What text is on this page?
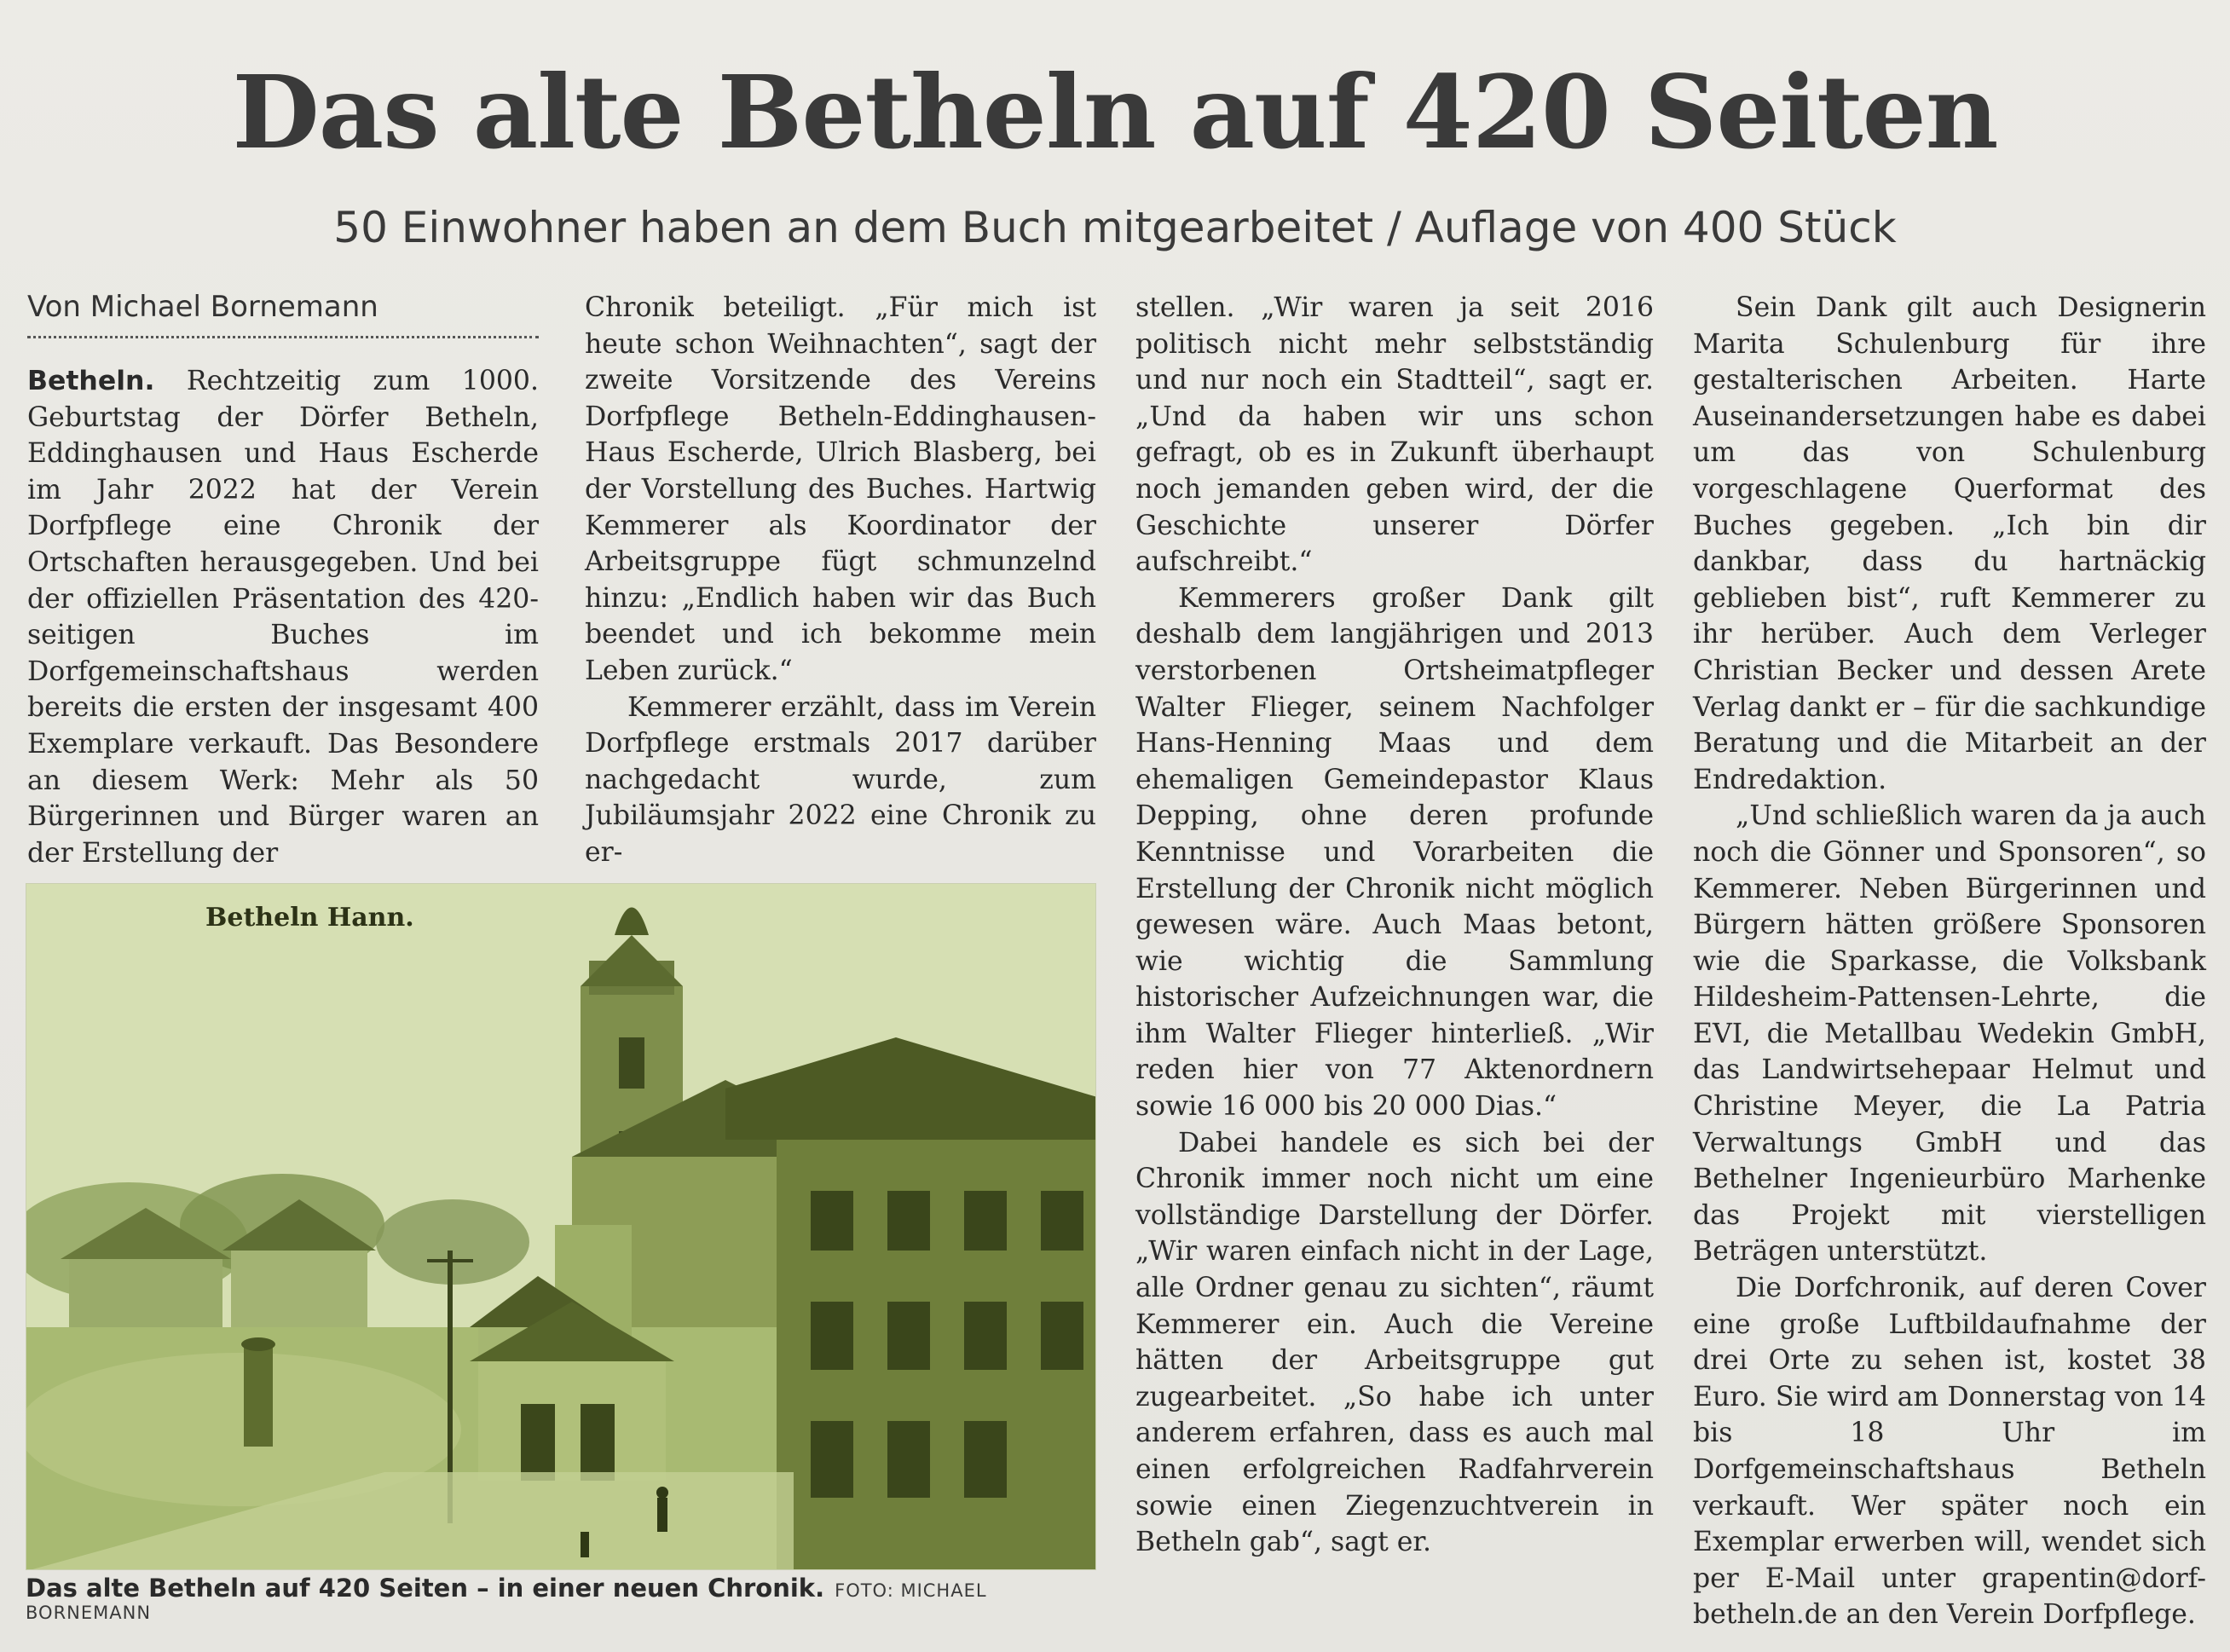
Das alte Betheln auf 420 Seiten
50 Einwohner haben an dem Buch mitgearbeitet / Auflage von 400 Stück
Von Michael Bornemann

Betheln. Rechtzeitig zum 1000. Geburtstag der Dörfer Betheln, Eddinghausen und Haus Escherde im Jahr 2022 hat der Verein Dorfpflege eine Chronik der Ortschaften herausgegeben. Und bei der offiziellen Präsentation des 420-seitigen Buches im Dorfgemeinschaftshaus werden bereits die ersten der insgesamt 400 Exemplare verkauft. Das Besondere an diesem Werk: Mehr als 50 Bürgerinnen und Bürger waren an der Erstellung der

Chronik beteiligt. „Für mich ist heute schon Weihnachten“, sagt der zweite Vorsitzende des Vereins Dorfpflege Betheln-Eddinghausen-Haus Escherde, Ulrich Blasberg, bei der Vorstellung des Buches. Hartwig Kemmerer als Koordinator der Arbeitsgruppe fügt schmunzelnd hinzu: „Endlich haben wir das Buch beendet und ich bekomme mein Leben zurück.“

Kemmerer erzählt, dass im Verein Dorfpflege erstmals 2017 darüber nachgedacht wurde, zum Jubiläumsjahr 2022 eine Chronik zu er-

stellen. „Wir waren ja seit 2016 politisch nicht mehr selbstständig und nur noch ein Stadtteil“, sagt er. „Und da haben wir uns schon gefragt, ob es in Zukunft überhaupt noch jemanden geben wird, der die Geschichte unserer Dörfer aufschreibt.“

Kemmerers großer Dank gilt deshalb dem langjährigen und 2013 verstorbenen Ortsheimatpfleger Walter Flieger, seinem Nachfolger Hans-Henning Maas und dem ehemaligen Gemeindepastor Klaus Depping, ohne deren profunde Kenntnisse und Vorarbeiten die Erstellung der Chronik nicht möglich gewesen wäre. Auch Maas betont, wie wichtig die Sammlung historischer Aufzeichnungen war, die ihm Walter Flieger hinterließ. „Wir reden hier von 77 Aktenordnern sowie 16 000 bis 20 000 Dias.“

Dabei handele es sich bei der Chronik immer noch nicht um eine vollständige Darstellung der Dörfer. „Wir waren einfach nicht in der Lage, alle Ordner genau zu sichten“, räumt Kemmerer ein. Auch die Vereine hätten der Arbeitsgruppe gut zugearbeitet. „So habe ich unter anderem erfahren, dass es auch mal einen erfolgreichen Radfahrverein sowie einen Ziegenzuchtverein in Betheln gab“, sagt er.

Sein Dank gilt auch Designerin Marita Schulenburg für ihre gestalterischen Arbeiten. Harte Auseinandersetzungen habe es dabei um das von Schulenburg vorgeschlagene Querformat des Buches gegeben. „Ich bin dir dankbar, dass du hartnäckig geblieben bist“, ruft Kemmerer zu ihr herüber. Auch dem Verleger Christian Becker und dessen Arete Verlag dankt er – für die sachkundige Beratung und die Mitarbeit an der Endredaktion.

„Und schließlich waren da ja auch noch die Gönner und Sponsoren“, so Kemmerer. Neben Bürgerinnen und Bürgern hätten größere Sponsoren wie die Sparkasse, die Volksbank Hildesheim-Pattensen-Lehrte, die EVI, die Metallbau Wedekin GmbH, das Landwirtsehepaar Helmut und Christine Meyer, die La Patria Verwaltungs GmbH und das Bethelner Ingenieurbüro Marhenke das Projekt mit vierstelligen Beträgen unterstützt.

Die Dorfchronik, auf deren Cover eine große Luftbildaufnahme der drei Orte zu sehen ist, kostet 38 Euro. Sie wird am Donnerstag von 14 bis 18 Uhr im Dorfgemeinschaftshaus Betheln verkauft. Wer später noch ein Exemplar erwerben will, wendet sich per E-Mail unter grapentin@dorf-betheln.de an den Verein Dorfpflege.

Betheln Hann.
Das alte Betheln auf 420 Seiten – in einer neuen Chronik. FOTO: MICHAEL BORNEMANN
